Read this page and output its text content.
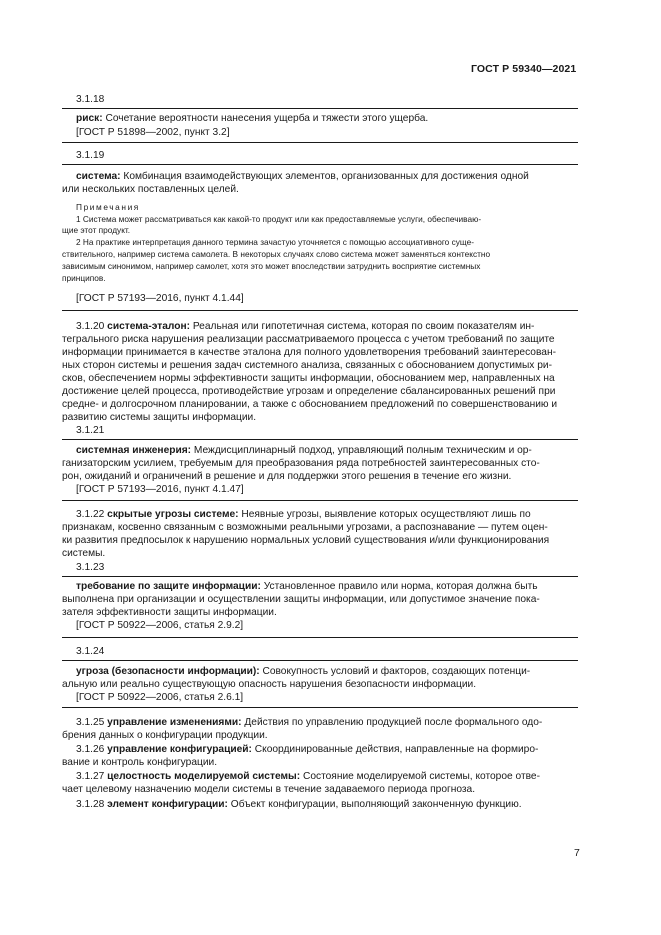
ГОСТ Р 59340—2021
3.1.18
риск: Сочетание вероятности нанесения ущерба и тяжести этого ущерба.
[ГОСТ Р 51898—2002, пункт 3.2]
3.1.19
система: Комбинация взаимодействующих элементов, организованных для достижения одной
или нескольких поставленных целей.
Примечания
1 Система может рассматриваться как какой-то продукт или как предоставляемые услуги, обеспечиваю-
щие этот продукт.
2 На практике интерпретация данного термина зачастую уточняется с помощью ассоциативного суще-
ствительного, например система самолета. В некоторых случаях слово система может заменяться контекстно
зависимым синонимом, например самолет, хотя это может впоследствии затруднить восприятие системных
принципов.
[ГОСТ Р 57193—2016, пункт 4.1.44]
3.1.20 система-эталон: Реальная или гипотетичная система, которая по своим показателям ин-
тегрального риска нарушения реализации рассматриваемого процесса с учетом требований по защите
информации принимается в качестве эталона для полного удовлетворения требований заинтересован-
ных сторон системы и решения задач системного анализа, связанных с обоснованием допустимых ри-
сков, обеспечением нормы эффективности защиты информации, обоснованием мер, направленных на
достижение целей процесса, противодействие угрозам и определение сбалансированных решений при
средне- и долгосрочном планировании, а также с обоснованием предложений по совершенствованию и
развитию системы защиты информации.
3.1.21
системная инженерия: Междисциплинарный подход, управляющий полным техническим и ор-
ганизаторским усилием, требуемым для преобразования ряда потребностей заинтересованных сто-
рон, ожиданий и ограничений в решение и для поддержки этого решения в течение его жизни.
[ГОСТ Р 57193—2016, пункт 4.1.47]
3.1.22 скрытые угрозы системе: Неявные угрозы, выявление которых осуществляют лишь по
признакам, косвенно связанным с возможными реальными угрозами, а распознавание — путем оцен-
ки развития предпосылок к нарушению нормальных условий существования и/или функционирования
системы.
3.1.23
требование по защите информации: Установленное правило или норма, которая должна быть
выполнена при организации и осуществлении защиты информации, или допустимое значение пока-
зателя эффективности защиты информации.
[ГОСТ Р 50922—2006, статья 2.9.2]
3.1.24
угроза (безопасности информации): Совокупность условий и факторов, создающих потенци-
альную или реально существующую опасность нарушения безопасности информации.
[ГОСТ Р 50922—2006, статья 2.6.1]
3.1.25 управление изменениями: Действия по управлению продукцией после формального одо-
брения данных о конфигурации продукции.
3.1.26 управление конфигурацией: Скоординированные действия, направленные на формиро-
вание и контроль конфигурации.
3.1.27 целостность моделируемой системы: Состояние моделируемой системы, которое отве-
чает целевому назначению модели системы в течение задаваемого периода прогноза.
3.1.28 элемент конфигурации: Объект конфигурации, выполняющий законченную функцию.
7
